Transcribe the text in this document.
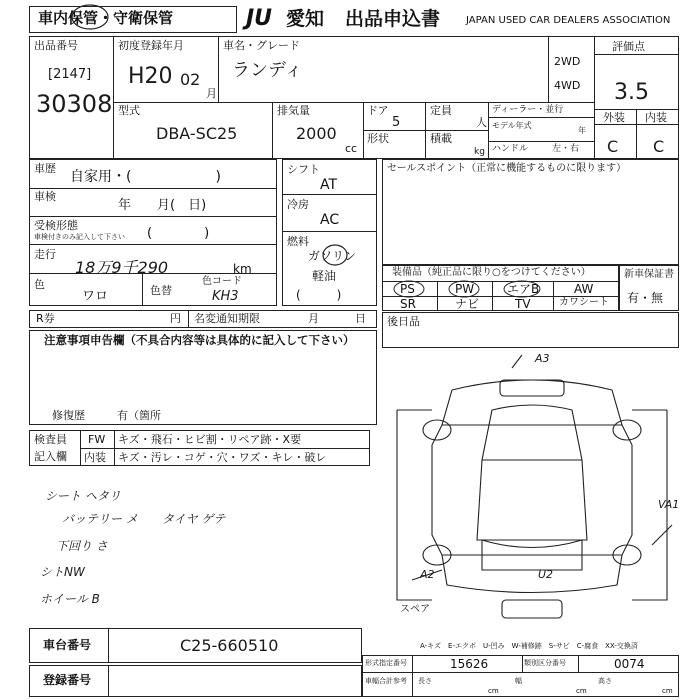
車内保管・守衛保管	JU 愛知 出品申込書	JAPAN USED CAR DEALERS ASSOCIATION
出品番号
[2147]
30308
初度登録年月
H20 02
月
車名・グレード
ランディ	2WD
4WD
評価点
3.5
外装 内装
C C
型式
DBA-SC25
排気量
2000
cc
ドア
5
形状
定員
人
積載
kg
ディーラー・並行
モデル年式
年
ハンドル	左・右
車歴
自家用・(　　　　　　)
車検
年　　月(　日)
受検形態
車検付きのみ記入して下さい (　　　　)
走行
18万9千290	km
色
ワロ	色替
色コード
KH3
シフト
AT
冷房
AC
燃料
ガソリン
軽油
(　　　)
セールスポイント（正常に機能するものに限ります）
装備品（純正品に限り○をつけてください）
PS	PW	エアB	AW
SR	ナビ	TV	カワシート
新車保証書
有・無
R券	円 名変通知期限	月	日 後日品
注意事項申告欄（不具合内容等は具体的に記入して下さい）
修復歴	有（箇所
検査員
記入欄
FW キズ・飛石・ヒビ割・リペア跡・X要
内装 キズ・汚レ・コゲ・穴・ワズ・キレ・破レ
シート ヘタリ
バッテリー メ　　タイヤ ゲテ
下回り さ
シトNW
ホイール B
A3
VA1
A2	U2
スペア
A-キズ　E-エクボ　U-凹み　W-補修跡　S-サビ　C-腐食　XX-交換済
車台番号	C25-660510
登録番号
形式指定番号	15626	類別区分番号	0074
車幅合計参考 長さ	幅	高さ
cm	cm	cm
